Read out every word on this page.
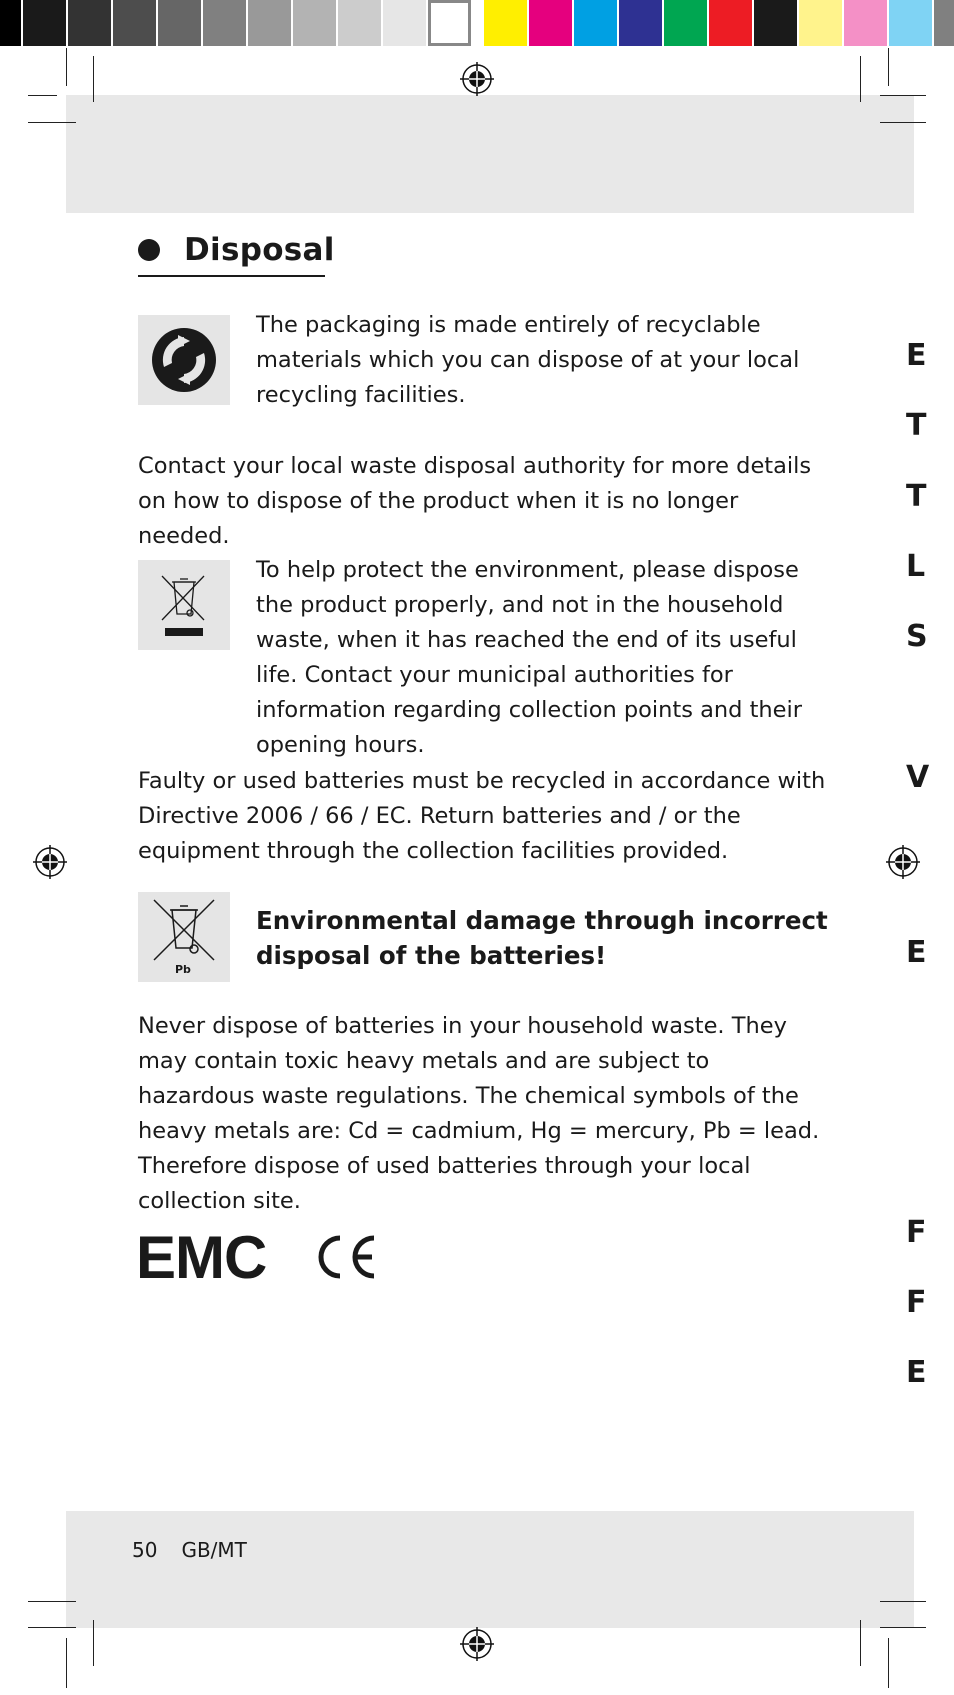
Disposal
The packaging is made entirely of recyclable materials which you can dispose of at your local recycling facilities.
Contact your local waste disposal authority for more details on how to dispose of the product when it is no longer needed.
To help protect the environment, please dispose the product properly, and not in the household waste, when it has reached the end of its useful life. Contact your municipal authorities for information regarding collection points and their opening hours.
Faulty or used batteries must be recycled in accordance with Directive 2006 / 66 / EC. Return batteries and / or the equipment through the collection facilities provided.
Pb
Environmental damage through incorrect disposal of the batteries!
Never dispose of batteries in your household waste. They may contain toxic heavy metals and are subject to hazardous waste regulations. The chemical symbols of the heavy metals are: Cd = cadmium, Hg = mercury, Pb = lead. Therefore dispose of used batteries through your local collection site.
EMC
50 GB/MT
E
T
T
L
S
V
E
F
F
E
